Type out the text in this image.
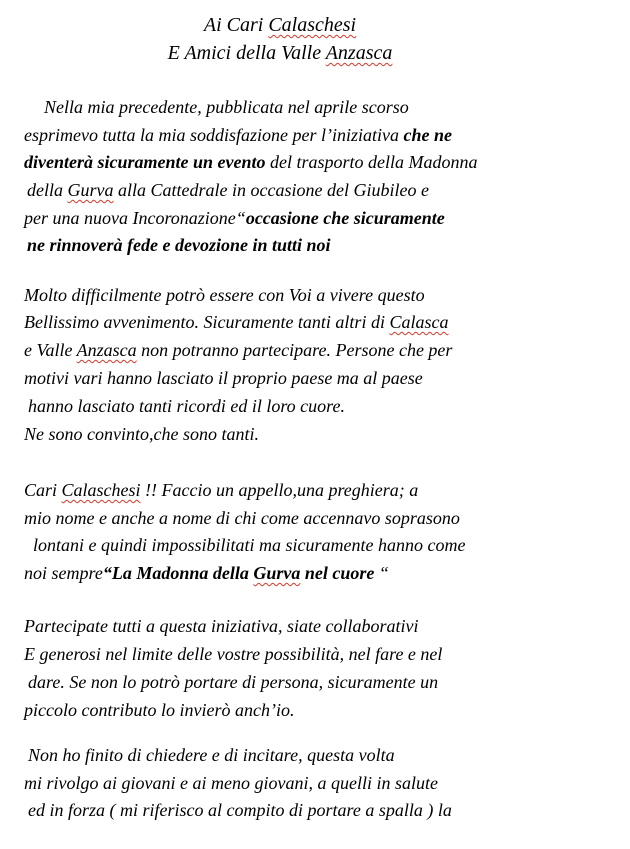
Ai Cari Calaschesi
E Amici della Valle Anzasca
Nella mia precedente, pubblicata nel aprile scorso
esprimevo tutta la mia soddisfazione per l’iniziativa che ne
diventerà sicuramente un evento del trasporto della Madonna
della Gurva alla Cattedrale in occasione del Giubileo e
per una nuova Incoronazione“occasione che sicuramente
ne rinnoverà fede e devozione in tutti noi
Molto difficilmente potrò essere con Voi a vivere questo
Bellissimo avvenimento. Sicuramente tanti altri di Calasca
e Valle Anzasca non potranno partecipare. Persone che per
motivi vari hanno lasciato il proprio paese ma al paese
hanno lasciato tanti ricordi ed il loro cuore.
Ne sono convinto,che sono tanti.
Cari Calaschesi !! Faccio un appello,una preghiera; a
mio nome e anche a nome di chi come accennavo soprasono
lontani e quindi impossibilitati ma sicuramente hanno come
noi sempre“La Madonna della Gurva nel cuore “
Partecipate tutti a questa iniziativa, siate collaborativi
E generosi nel limite delle vostre possibilità, nel fare e nel
dare. Se non lo potrò portare di persona, sicuramente un
piccolo contributo lo invierò anch’io.
Non ho finito di chiedere e di incitare, questa volta
mi rivolgo ai giovani e ai meno giovani, a quelli in salute
ed in forza ( mi riferisco al compito di portare a spalla ) la
